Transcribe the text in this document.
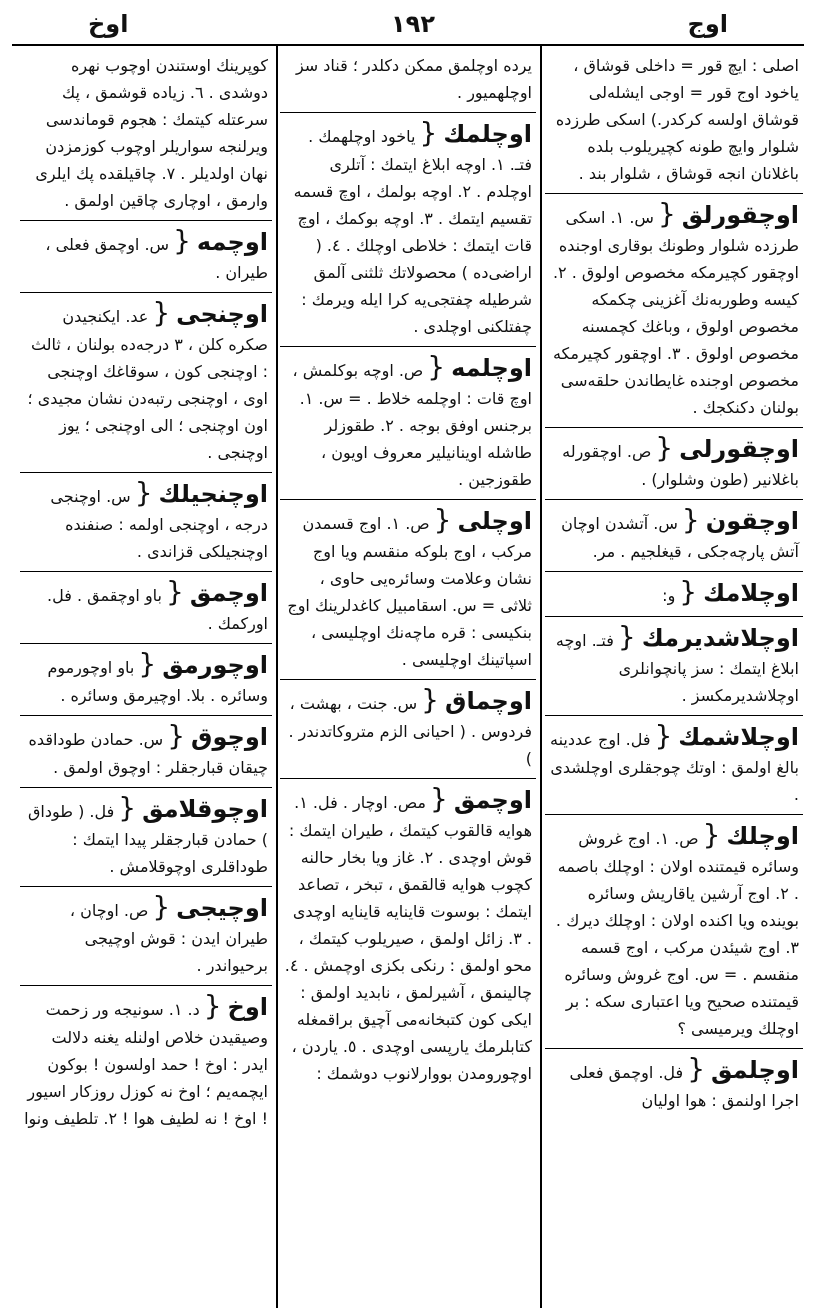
اوج
١٩٢
اوخ
اصلى : ايچ قور = داخلى قوشاق ، ياخود اوج قور = اوجى ايشله‌لى قوشاق اولسه كركدر.) اسكى طرزده شلوار وايچ طونه كچيريلوب بلده باغلانان انجه قوشاق ، شلوار بند .
اوچقورلق{س. ١. اسكى طرزده شلوار وطونك بوقارى اوجنده اوچقور كچيرمكه مخصوص اولوق . ٢. كيسه وطوربه‌نك آغزينى چكمكه مخصوص اولوق ، وباغك كچمسنه مخصوص اولوق . ٣. اوچقور كچيرمكه مخصوص اوجنده غايطاندن حلقه‌سى بولنان دكنكجك .
اوچقورلى{ص. اوچقورله باغلانير (طون وشلوار) .
اوچقون{س. آتشدن اوچان آتش پارچه‌جكى ، قيغلجيم . مر.
اوچلامك{و:
اوچلاشديرمك{فتـ. اوچه ابلاغ ايتمك : سز پانچوانلرى اوچلاشديرمكسز .
اوچلاشمك{فل. اوج عددينه بالغ اولمق : اوتك چوجقلرى اوچلشدى .
اوچلك{ص. ١. اوج غروش وسائره قيمتنده اولان : اوچلك باصمه . ٢. اوج آرشين ياقاريش وسائره بوينده ويا اكنده اولان : اوچلك ديرك . ٣. اوج شيئدن مركب ، اوج قسمه منقسم . = س. اوج غروش وسائره قيمتنده صحيح ويا اعتبارى سكه : بر اوچلك ويرميسى ؟
اوچلمق{فل. اوچمق فعلى اجرا اولنمق : هوا اوليان
يرده اوچلمق ممكن دكلدر ؛ قناد سز اوچلهميور .
اوچلمك{ياخود اوچلهمك . فتـ. ١. اوچه ابلاغ ايتمك : آتلرى اوچلدم . ٢. اوچه بولمك ، اوچ قسمه تقسيم ايتمك . ٣. اوچه بوكمك ، اوچ قات ايتمك : خلاطى اوچلك . ٤. ( اراضى‌ده ) محصولاتك ثلثنى آلمق شرطيله چفتجى‌يه كرا ايله ويرمك : چفتلكنى اوچلدى .
اوچلمه{ص. اوچه بوكلمش ، اوچ قات : اوچلمه خلاط . = س. ١. برجنس اوفق بوجه . ٢. طقوزلر طاشله اوينانيلير معروف اويون ، طقوزجين .
اوچلى{ص. ١. اوج قسمدن مركب ، اوج بلوكه منقسم ويا اوج نشان وعلامت وسائره‌يى حاوى ، ثلاثى = س. اسقامبيل كاغدلرينك اوج بنكيسى : قره ماچه‌نك اوچليسى ، اسپاتينك اوچليسى .
اوچماق{س. جنت ، بهشت ، فردوس . ( احيانى الزم متروكاتدندر . )
اوچمق{مص. اوچار . فل. ١. هوايه قالقوب كيتمك ، طيران ايتمك : قوش اوچدى . ٢. غاز ويا بخار حالنه كچوب هوايه قالقمق ، تبخر ، تصاعد ايتمك : بوسوت قاينايه قاينايه اوچدى . ٣. زائل اولمق ، صيريلوب كيتمك ، محو اولمق : رنكى بكزى اوچمش . ٤. چالينمق ، آشيرلمق ، نابديد اولمق : ايكى كون كتبخانه‌مى آچيق براقمغله كتابلرمك يارپسى اوچدى . ٥. ياردن ، اوچورومدن بووارلانوب دوشمك :
كوپرينك اوستندن اوچوب نهره دوشدى . ٦. زياده قوشمق ، پك سرعتله كيتمك : هجوم قوماندسى ويرلنجه سواريلر اوچوب كوزمزدن نهان اولديلر . ٧. چاقيلقده پك ايلرى وارمق ، اوچارى چاقين اولمق .
اوچمه{س. اوچمق فعلى ، طيران .
اوچنجى{عد. ايكنجيدن صكره كلن ، ٣ درجه‌ده بولنان ، ثالث : اوچنجى كون ، سوقاغك اوچنجى اوى ، اوچنجى رتبه‌دن نشان مجيدى ؛ اون اوچنجى ؛ الى اوچنجى ؛ يوز اوچنجى .
اوچنجيلك{س. اوچنجى درجه ، اوچنجى اولمه : صنفنده اوچنجيلكى قزاندى .
اوچمق{باو اوچقمق . فل. اوركمك .
اوچورمق{باو اوچورموم وسائره . بلا. اوچيرمق وسائره .
اوچوق{س. حمادن طوداقده چيقان قبارجقلر : اوچوق اولمق .
اوچوقلامق{فل. ( طوداق ) حمادن قبارجقلر پيدا ايتمك : طوداقلرى اوچوقلامش .
اوچيجى{ص. اوچان ، طيران ايدن : قوش اوچيجى برحيواندر .
اوخ{د. ١. سونيجه ور زحمت وصيقيدن خلاص اولنله يغنه دلالت ايدر : اوخ ! حمد اولسون ! بوكون ايچمه‌يم ؛ اوخ نه كوزل روزكار اسيور ! اوخ ! نه لطيف هوا ! ٢. تلطيف ونوا
